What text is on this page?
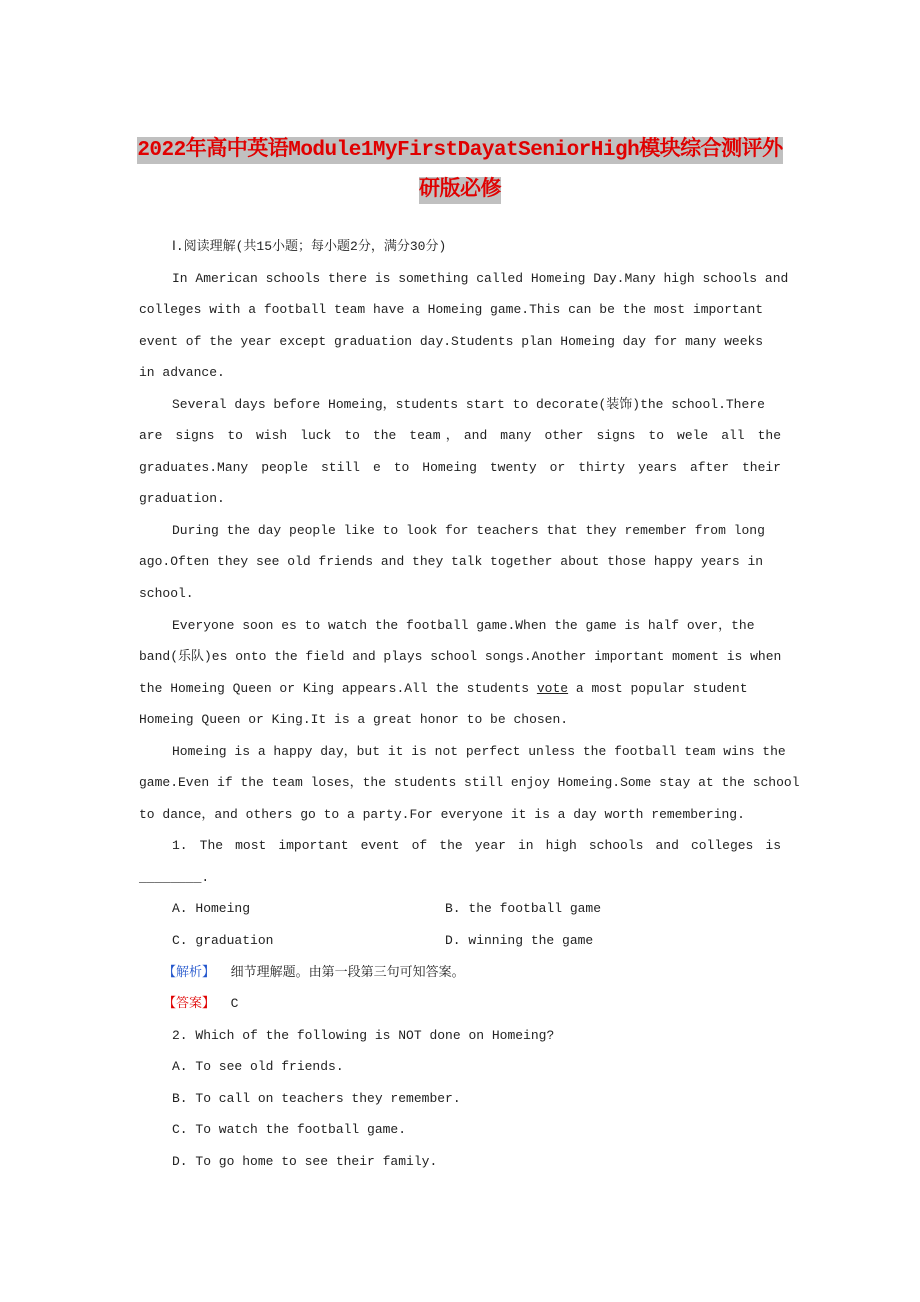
2022年高中英语Module1MyFirstDayatSeniorHigh模块综合测评外
研版必修
Ⅰ.阅读理解(共15小题；每小题2分，满分30分)
In American schools there is something called Homeing Day.Many high schools and
colleges with a football team have a Homeing game.This can be the most important
event of the year except graduation day.Students plan Homeing day for many weeks
in advance.
Several days before Homeing，students start to decorate(装饰)the school.There
are signs to wish luck to the team，and many other signs to wele all the
graduates.Many people still e to Homeing twenty or thirty years after their
graduation.
During the day people like to look for teachers that they remember from long
ago.Often they see old friends and they talk together about those happy years in
school.
Everyone soon es to watch the football game.When the game is half over，the
band(乐队)es onto the field and plays school songs.Another important moment is when
the Homeing Queen or King appears.All the students vote a most popular student
Homeing Queen or King.It is a great honor to be chosen.
Homeing is a happy day，but it is not perfect unless the football team wins the
game.Even if the team loses，the students still enjoy Homeing.Some stay at the school
to dance，and others go to a party.For everyone it is a day worth remembering.
1. The most important event of the year in high schools and colleges is
________.
A. Homeing	B. the football game
C. graduation	D. winning the game
【解析】  细节理解题。由第一段第三句可知答案。
【答案】  C
2. Which of the following is NOT done on Homeing?
A. To see old friends.
B. To call on teachers they remember.
C. To watch the football game.
D. To go home to see their family.
